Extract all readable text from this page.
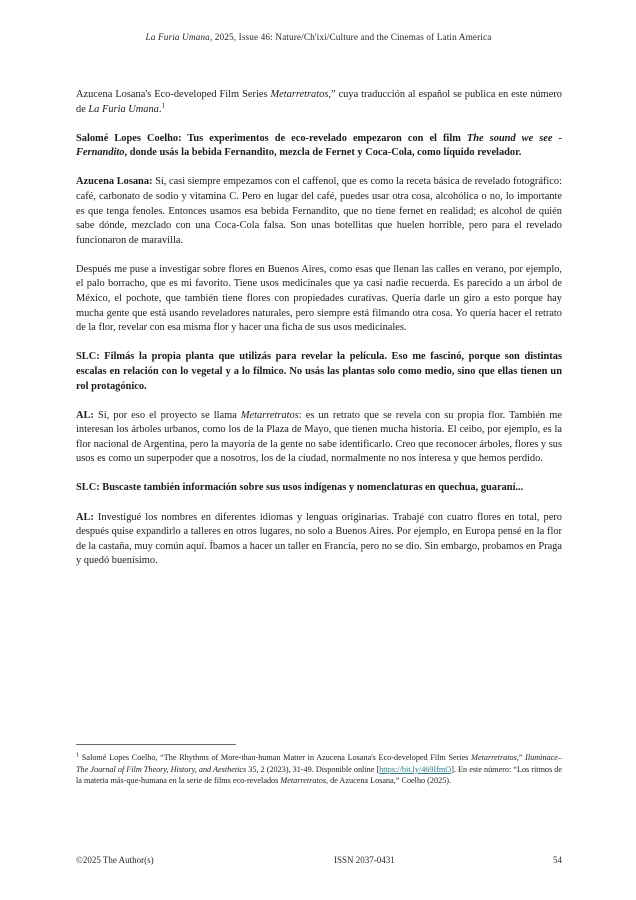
La Furia Umana, 2025, Issue 46: Nature/Ch'ixi/Culture and the Cinemas of Latin America

Azucena Losana's Eco-developed Film Series Metarretratos,” cuya traducción al español se publica en este número de La Furia Umana.$^1$

Salomé Lopes Coelho: Tus experimentos de eco-revelado empezaron con el film The sound we see - Fernandito, donde usás la bebida Fernandito, mezcla de Fernet y Coca-Cola, como líquido revelador.

Azucena Losana: Sí, casi siempre empezamos con el caffenol, que es como la receta básica de revelado fotográfico: café, carbonato de sodio y vitamina C. Pero en lugar del café, puedes usar otra cosa, alcohólica o no, lo importante es que tenga fenoles. Entonces usamos esa bebida Fernandito, que no tiene fernet en realidad; es alcohol de quién sabe dónde, mezclado con una Coca-Cola falsa. Son unas botellitas que huelen horrible, pero para el revelado funcionaron de maravilla.

Después me puse a investigar sobre flores en Buenos Aires, como esas que llenan las calles en verano, por ejemplo, el palo borracho, que es mi favorito. Tiene usos medicinales que ya casi nadie recuerda. Es parecido a un árbol de México, el pochote, que también tiene flores con propiedades curativas. Quería darle un giro a esto porque hay mucha gente que está usando reveladores naturales, pero siempre está filmando otra cosa. Yo quería hacer el retrato de la flor, revelar con esa misma flor y hacer una ficha de sus usos medicinales.

SLC: Filmás la propia planta que utilizás para revelar la película. Eso me fascinó, porque son distintas escalas en relación con lo vegetal y a lo fílmico. No usás las plantas solo como medio, sino que ellas tienen un rol protagónico.

AL: Sí, por eso el proyecto se llama Metarretratos: es un retrato que se revela con su propia flor. También me interesan los árboles urbanos, como los de la Plaza de Mayo, que tienen mucha historia. El ceibo, por ejemplo, es la flor nacional de Argentina, pero la mayoría de la gente no sabe identificarlo. Creo que reconocer árboles, flores y sus usos es como un superpoder que a nosotros, los de la ciudad, normalmente no nos interesa y que hemos perdido.

SLC: Buscaste también información sobre sus usos indígenas y nomenclaturas en quechua, guaraní...

AL: Investigué los nombres en diferentes idiomas y lenguas originarias. Trabajé con cuatro flores en total, pero después quise expandirlo a talleres en otros lugares, no solo a Buenos Aires. Por ejemplo, en Europa pensé en la flor de la castaña, muy común aquí. Íbamos a hacer un taller en Francia, pero no se dio. Sin embargo, probamos en Praga y quedó buenísimo.

$^1$ Salomé Lopes Coelho, “The Rhythms of More-than-human Matter in Azucena Losana's Eco-developed Film Series Metarretratos,” Iluminace–The Journal of Film Theory, History, and Aesthetics 35, 2 (2023), 31-49. Disponible online [https://bit.ly/469IfmO]. En este número: “Los ritmos de la materia más-que-humana en la serie de films eco-revelados Metarretratos, de Azucena Losana,” Coelho (2025).

©2025 The Author(s)	ISSN 2037-0431	54
